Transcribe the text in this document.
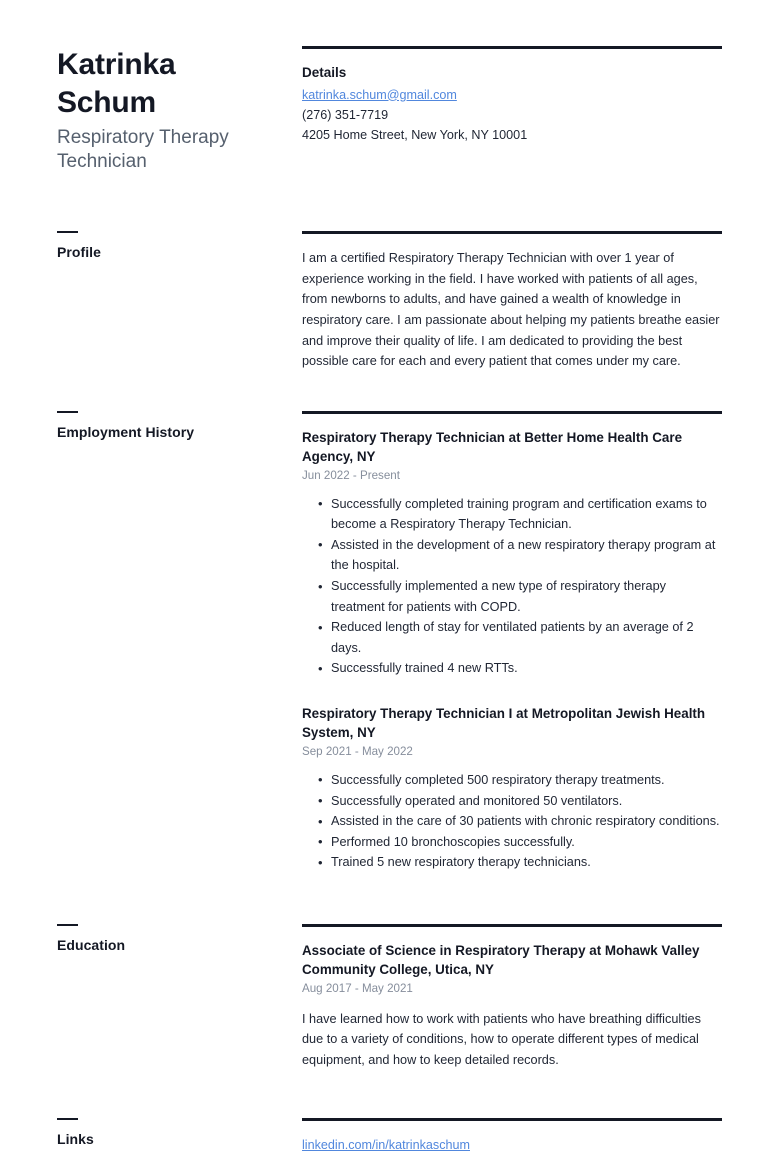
Katrinka
Schum

Respiratory Therapy Technician

Details
katrinka.schum@gmail.com
(276) 351-7719
4205 Home Street, New York, NY 10001
Profile	I am a certified Respiratory Therapy Technician with over 1 year of experience working in the field. I have worked with patients of all ages, from newborns to adults, and have gained a wealth of knowledge in respiratory care. I am passionate about helping my patients breathe easier and improve their quality of life. I am dedicated to providing the best possible care for each and every patient that comes under my care.

Employment History	Respiratory Therapy Technician at Better Home Health Care Agency, NY
Jun 2022 - Present
• Successfully completed training program and certification exams to become a Respiratory Therapy Technician.
• Assisted in the development of a new respiratory therapy program at the hospital.
• Successfully implemented a new type of respiratory therapy treatment for patients with COPD.
• Reduced length of stay for ventilated patients by an average of 2 days.
• Successfully trained 4 new RTTs.
Respiratory Therapy Technician I at Metropolitan Jewish Health System, NY
Sep 2021 - May 2022
• Successfully completed 500 respiratory therapy treatments.
• Successfully operated and monitored 50 ventilators.
• Assisted in the care of 30 patients with chronic respiratory conditions.
• Performed 10 bronchoscopies successfully.
• Trained 5 new respiratory therapy technicians.
Education	Associate of Science in Respiratory Therapy at Mohawk Valley Community College, Utica, NY
Aug 2017 - May 2021

I have learned how to work with patients who have breathing difficulties due to a variety of conditions, how to operate different types of medical equipment, and how to keep detailed records.

Links	linkedin.com/in/katrinkaschum
